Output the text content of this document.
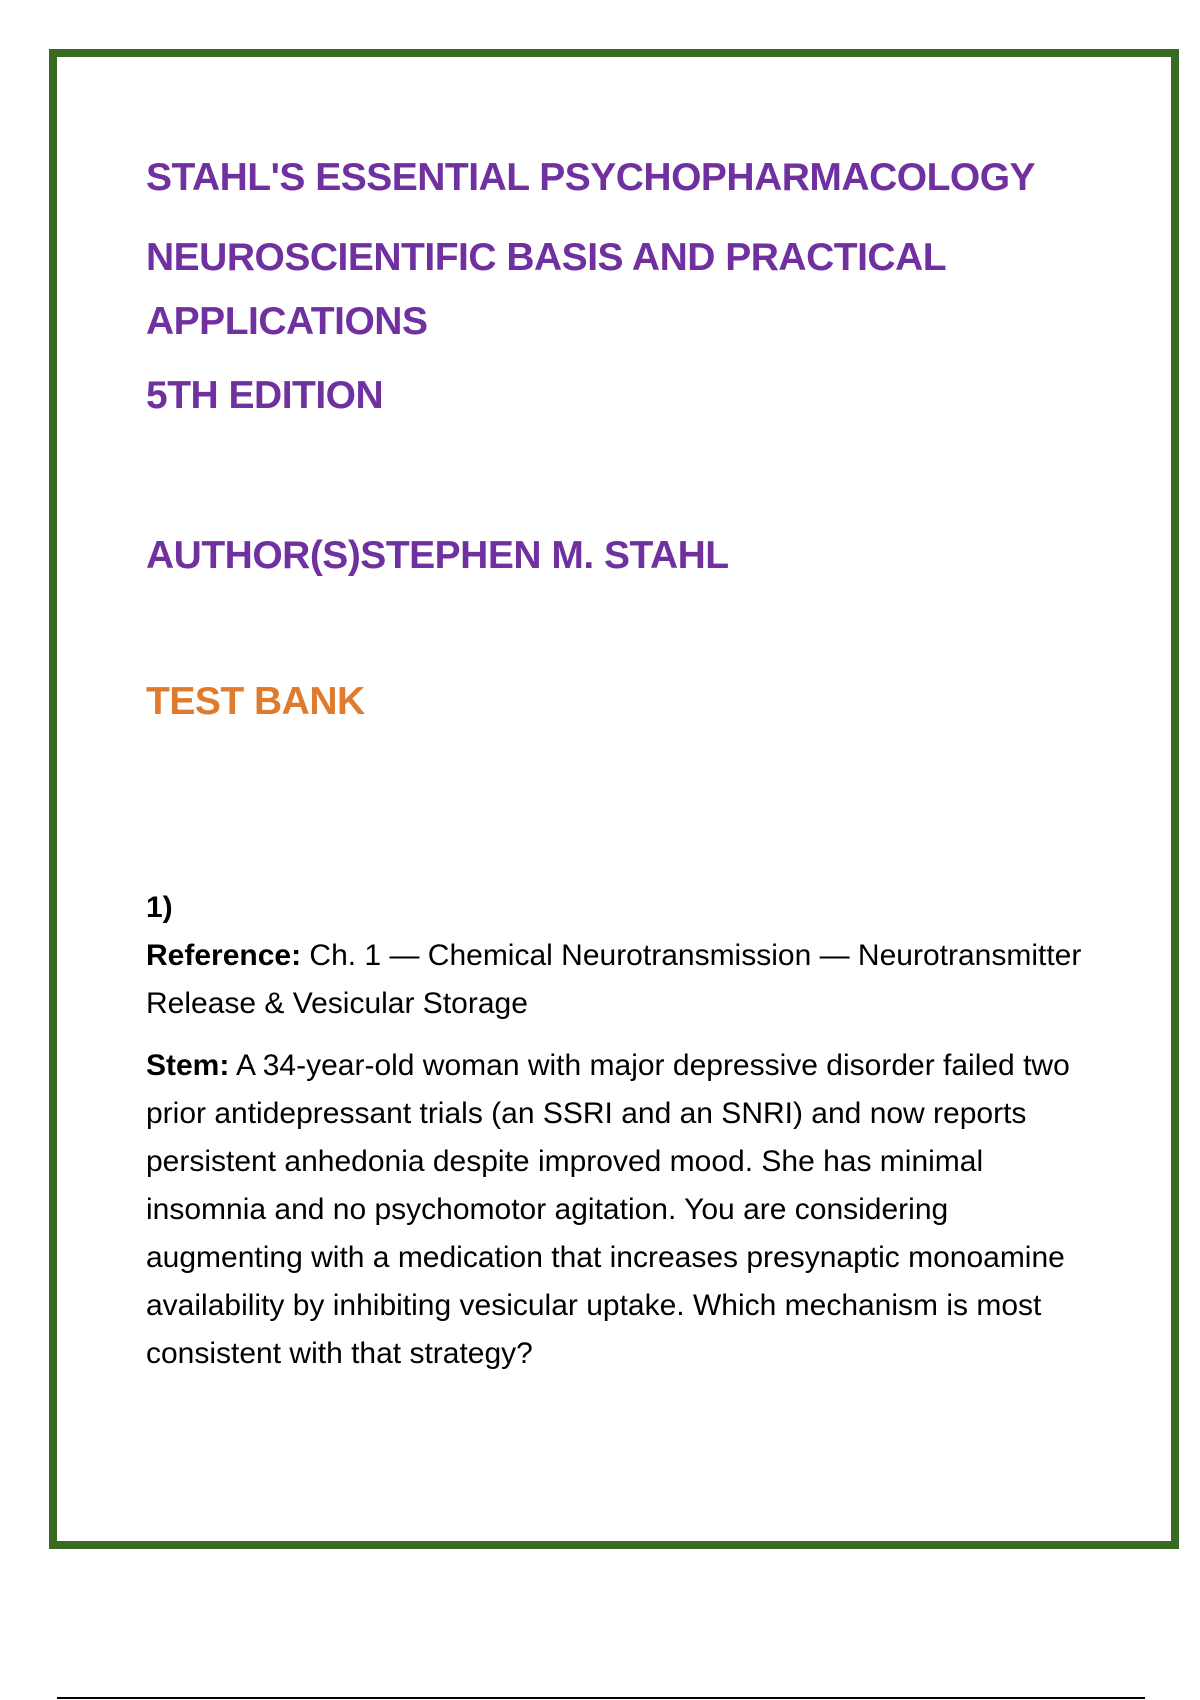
STAHL'S ESSENTIAL PSYCHOPHARMACOLOGY

NEUROSCIENTIFIC BASIS AND PRACTICAL

APPLICATIONS

5TH EDITION

AUTHOR(S)STEPHEN M. STAHL

TEST BANK

1)

Reference: Ch. 1 — Chemical Neurotransmission — Neurotransmitter Release & Vesicular Storage

Stem: A 34-year-old woman with major depressive disorder failed two prior antidepressant trials (an SSRI and an SNRI) and now reports persistent anhedonia despite improved mood. She has minimal insomnia and no psychomotor agitation. You are considering augmenting with a medication that increases presynaptic monoamine availability by inhibiting vesicular uptake. Which mechanism is most consistent with that strategy?
